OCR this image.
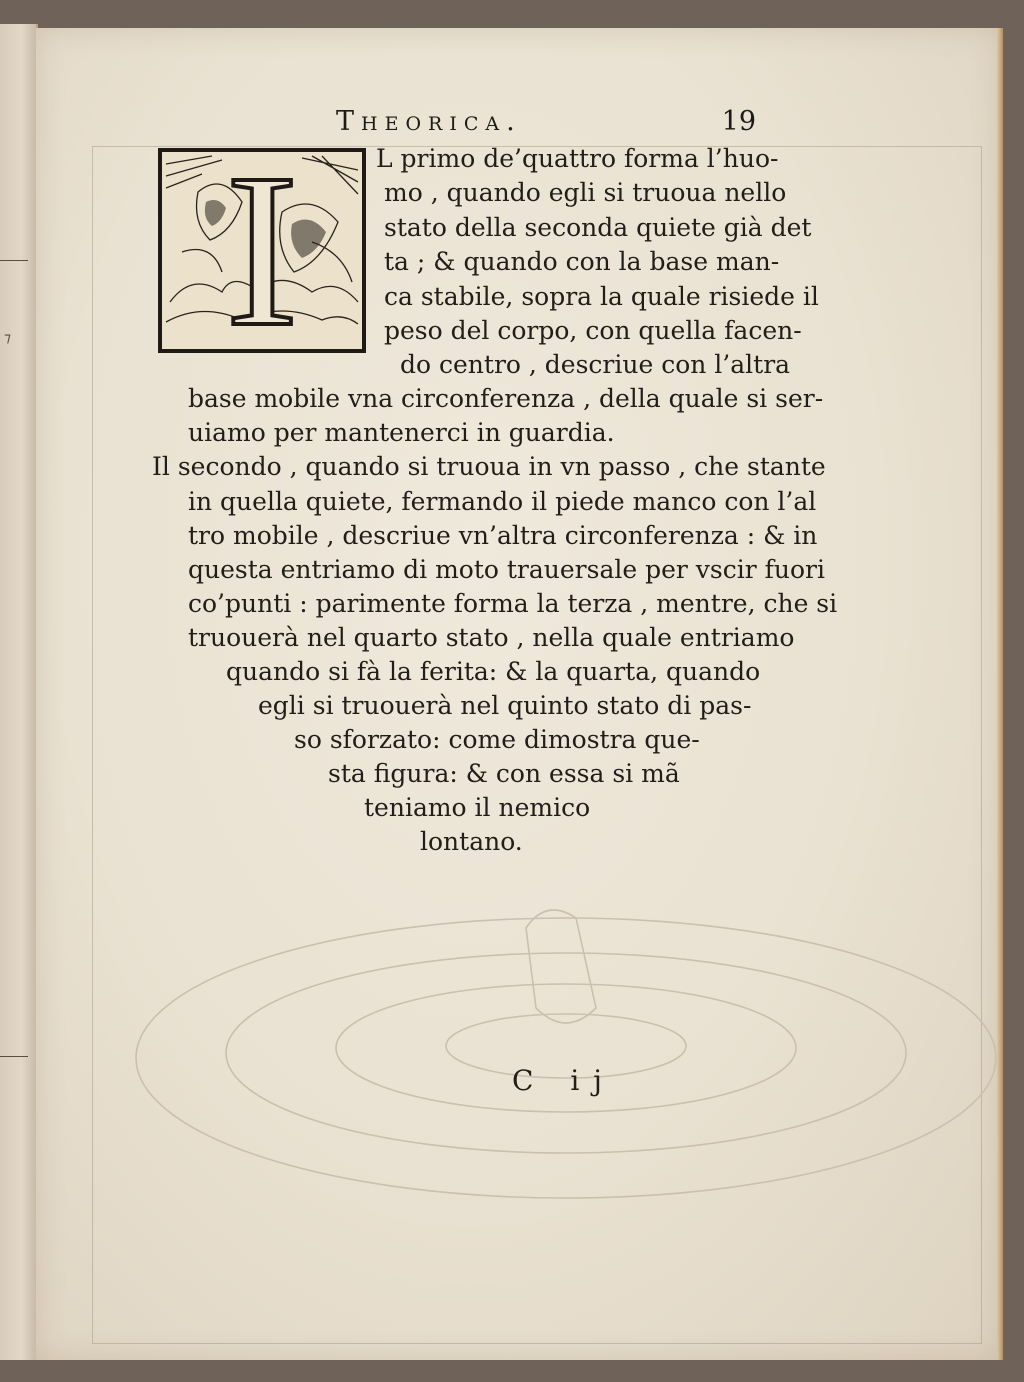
⁊
Theorica.	19
I	L primo de’quattro forma l’huo-
mo , quando egli si truoua nello
stato della seconda quiete già det
ta ; & quando con la base man-
ca stabile, sopra la quale risiede il
peso del corpo, con quella facen-
do centro , descriue con l’altra
base mobile vna circonferenza , della quale si ser-
uiamo per mantenerci in guardia.
Il secondo , quando si truoua in vn passo , che stante
in quella quiete, fermando il piede manco con l’al
tro mobile , descriue vn’altra circonferenza : & in
questa entriamo di moto trauersale per vscir fuori
co’punti : parimente forma la terza , mentre, che si
truouerà nel quarto stato , nella quale entriamo
quando si fà la ferita: & la quarta, quando
egli si truouerà nel quinto stato di pas-
so sforzato: come dimostra que-
sta figura: & con essa si mã
teniamo il nemico
lontano.
C ij
